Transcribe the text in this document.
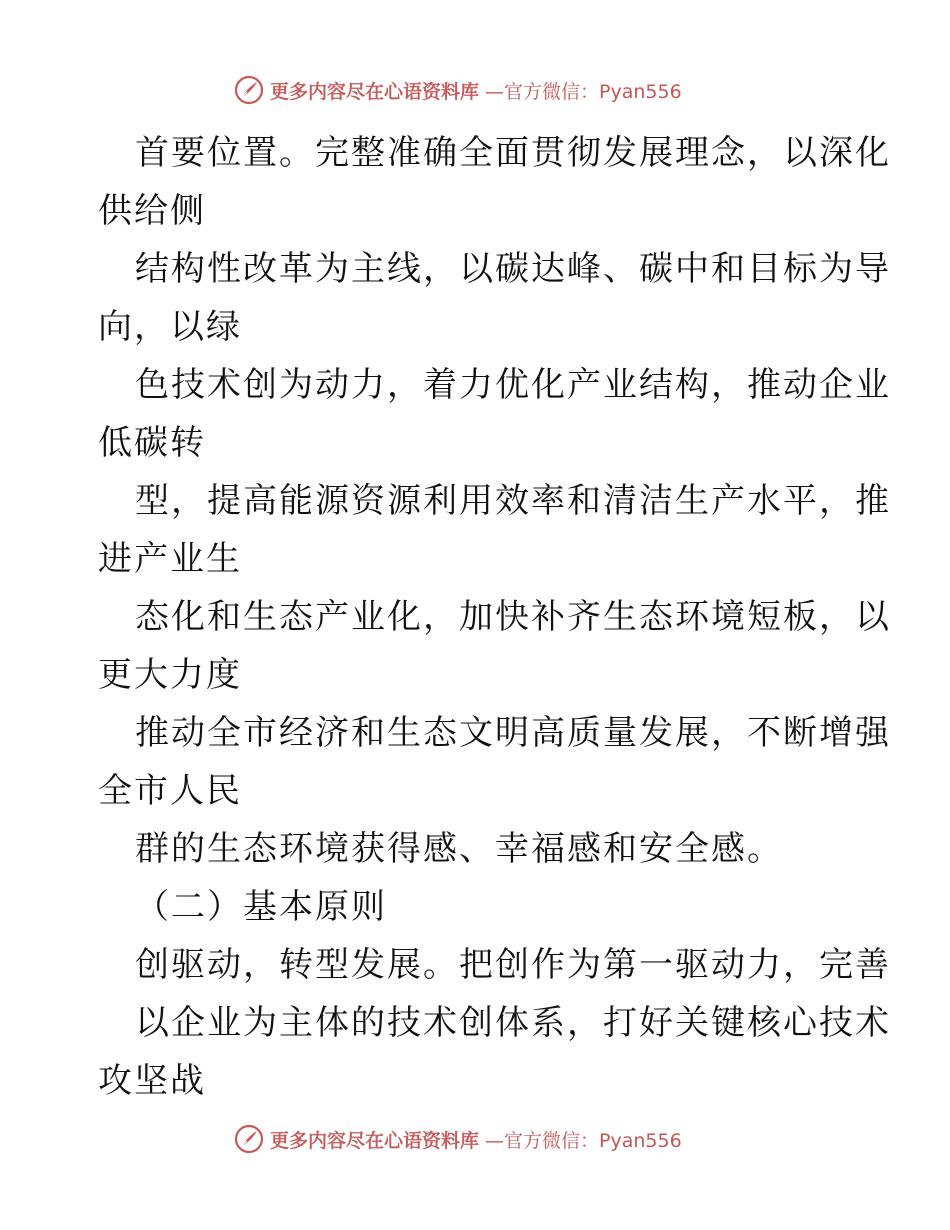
更多内容尽在心语资料库 —官方微信：Pyan556

首要位置。完整准确全面贯彻发展理念，以深化

供给侧

结构性改革为主线，以碳达峰、碳中和目标为导

向，以绿

色技术创为动力，着力优化产业结构，推动企业

低碳转

型，提高能源资源利用效率和清洁生产水平，推

进产业生

态化和生态产业化，加快补齐生态环境短板，以

更大力度

推动全市经济和生态文明高质量发展，不断增强

全市人民

群的生态环境获得感、幸福感和安全感。

（二）基本原则

创驱动，转型发展。把创作为第一驱动力，完善

以企业为主体的技术创体系，打好关键核心技术

攻坚战

更多内容尽在心语资料库 —官方微信：Pyan556
